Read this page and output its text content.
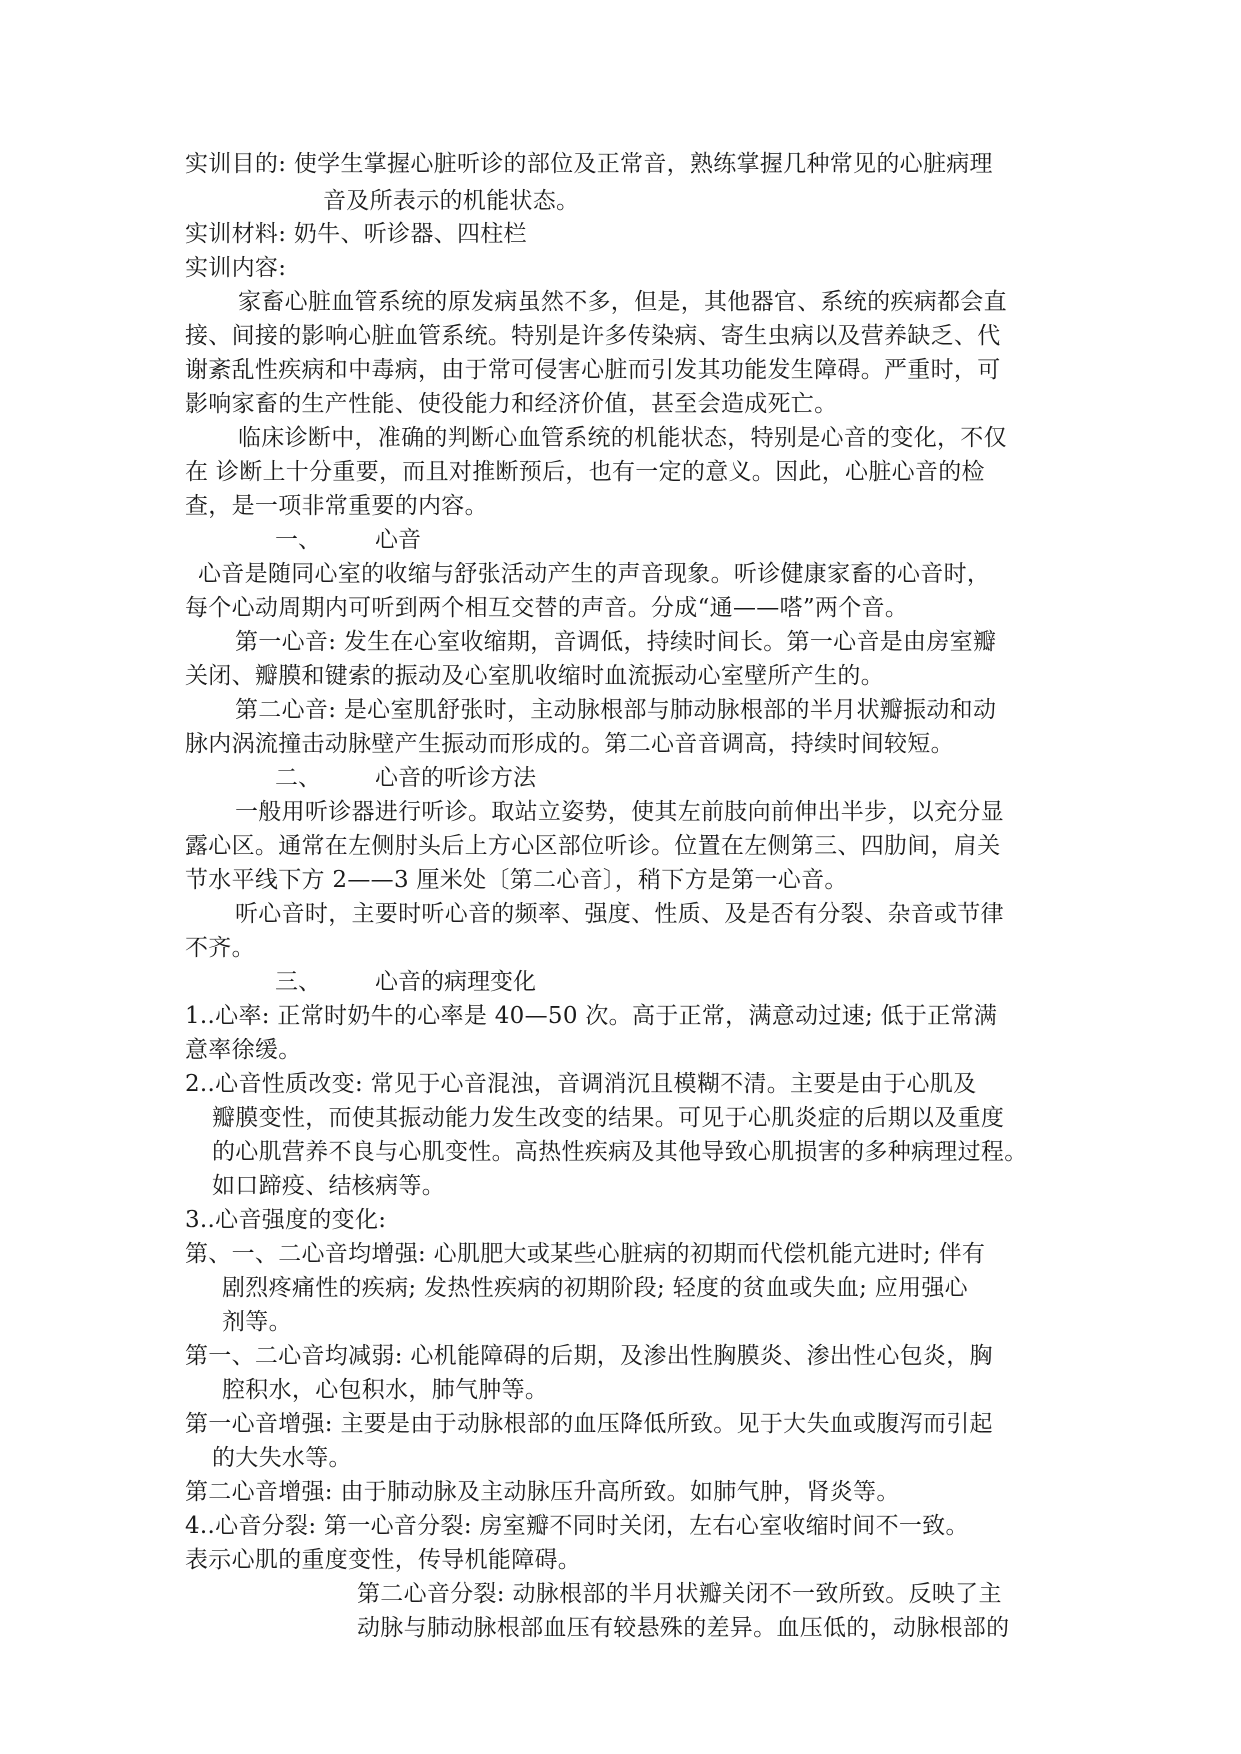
实训目的: 使学生掌握心脏听诊的部位及正常音，熟练掌握几种常见的心脏病理
音及所表示的机能状态。
实训材料: 奶牛、听诊器、四柱栏
实训内容:
家畜心脏血管系统的原发病虽然不多，但是，其他器官、系统的疾病都会直
接、间接的影响心脏血管系统。特别是许多传染病、寄生虫病以及营养缺乏、代
谢紊乱性疾病和中毒病，由于常可侵害心脏而引发其功能发生障碍。严重时，可
影响家畜的生产性能、使役能力和经济价值，甚至会造成死亡。
临床诊断中，准确的判断心血管系统的机能状态，特别是心音的变化，不仅
在 诊断上十分重要，而且对推断预后，也有一定的意义。因此，心脏心音的检
查，是一项非常重要的内容。
一、 心音
心音是随同心室的收缩与舒张活动产生的声音现象。听诊健康家畜的心音时，
每个心动周期内可听到两个相互交替的声音。分成“通——嗒”两个音。
第一心音: 发生在心室收缩期，音调低，持续时间长。第一心音是由房室瓣
关闭、瓣膜和键索的振动及心室肌收缩时血流振动心室壁所产生的。
第二心音: 是心室肌舒张时，主动脉根部与肺动脉根部的半月状瓣振动和动
脉内涡流撞击动脉壁产生振动而形成的。第二心音音调高，持续时间较短。
二、 心音的听诊方法
一般用听诊器进行听诊。取站立姿势，使其左前肢向前伸出半步，以充分显
露心区。通常在左侧肘头后上方心区部位听诊。位置在左侧第三、四肋间，肩关
节水平线下方 2——3 厘米处〔第二心音〕，稍下方是第一心音。
听心音时，主要时听心音的频率、强度、性质、及是否有分裂、杂音或节律
不齐。
三、 心音的病理变化
1..心率: 正常时奶牛的心率是 40—50 次。高于正常，满意动过速; 低于正常满
意率徐缓。
2..心音性质改变: 常见于心音混浊，音调消沉且模糊不清。主要是由于心肌及
瓣膜变性，而使其振动能力发生改变的结果。可见于心肌炎症的后期以及重度
的心肌营养不良与心肌变性。高热性疾病及其他导致心肌损害的多种病理过程。
如口蹄疫、结核病等。
3..心音强度的变化:
第、一、二心音均增强: 心肌肥大或某些心脏病的初期而代偿机能亢进时; 伴有
剧烈疼痛性的疾病; 发热性疾病的初期阶段; 轻度的贫血或失血; 应用强心
剂等。
第一、二心音均减弱: 心机能障碍的后期，及渗出性胸膜炎、渗出性心包炎，胸
腔积水，心包积水，肺气肿等。
第一心音增强: 主要是由于动脉根部的血压降低所致。见于大失血或腹泻而引起
的大失水等。
第二心音增强: 由于肺动脉及主动脉压升高所致。如肺气肿，肾炎等。
4..心音分裂: 第一心音分裂: 房室瓣不同时关闭，左右心室收缩时间不一致。
表示心肌的重度变性，传导机能障碍。
第二心音分裂: 动脉根部的半月状瓣关闭不一致所致。反映了主
动脉与肺动脉根部血压有较悬殊的差异。血压低的，动脉根部的
